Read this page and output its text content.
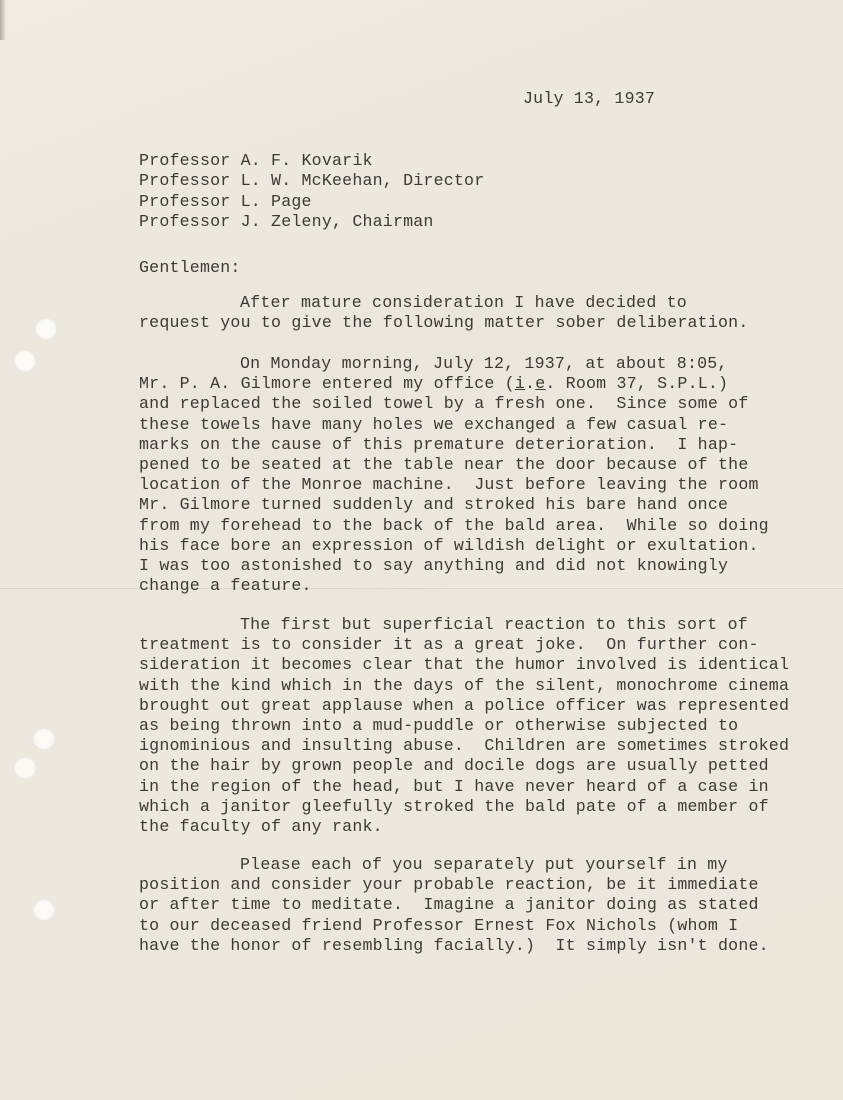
July 13, 1937
Professor A. F. Kovarik
Professor L. W. McKeehan, Director
Professor L. Page
Professor J. Zeleny, Chairman
Gentlemen:
After mature consideration I have decided to
request you to give the following matter sober deliberation.
On Monday morning, July 12, 1937, at about 8:05,
Mr. P. A. Gilmore entered my office (i.e. Room 37, S.P.L.)
and replaced the soiled towel by a fresh one.  Since some of
these towels have many holes we exchanged a few casual re-
marks on the cause of this premature deterioration.  I hap-
pened to be seated at the table near the door because of the
location of the Monroe machine.  Just before leaving the room
Mr. Gilmore turned suddenly and stroked his bare hand once
from my forehead to the back of the bald area.  While so doing
his face bore an expression of wildish delight or exultation.
I was too astonished to say anything and did not knowingly
change a feature.
The first but superficial reaction to this sort of
treatment is to consider it as a great joke.  On further con-
sideration it becomes clear that the humor involved is identical
with the kind which in the days of the silent, monochrome cinema
brought out great applause when a police officer was represented
as being thrown into a mud-puddle or otherwise subjected to
ignominious and insulting abuse.  Children are sometimes stroked
on the hair by grown people and docile dogs are usually petted
in the region of the head, but I have never heard of a case in
which a janitor gleefully stroked the bald pate of a member of
the faculty of any rank.
Please each of you separately put yourself in my
position and consider your probable reaction, be it immediate
or after time to meditate.  Imagine a janitor doing as stated
to our deceased friend Professor Ernest Fox Nichols (whom I
have the honor of resembling facially.)  It simply isn't done.
